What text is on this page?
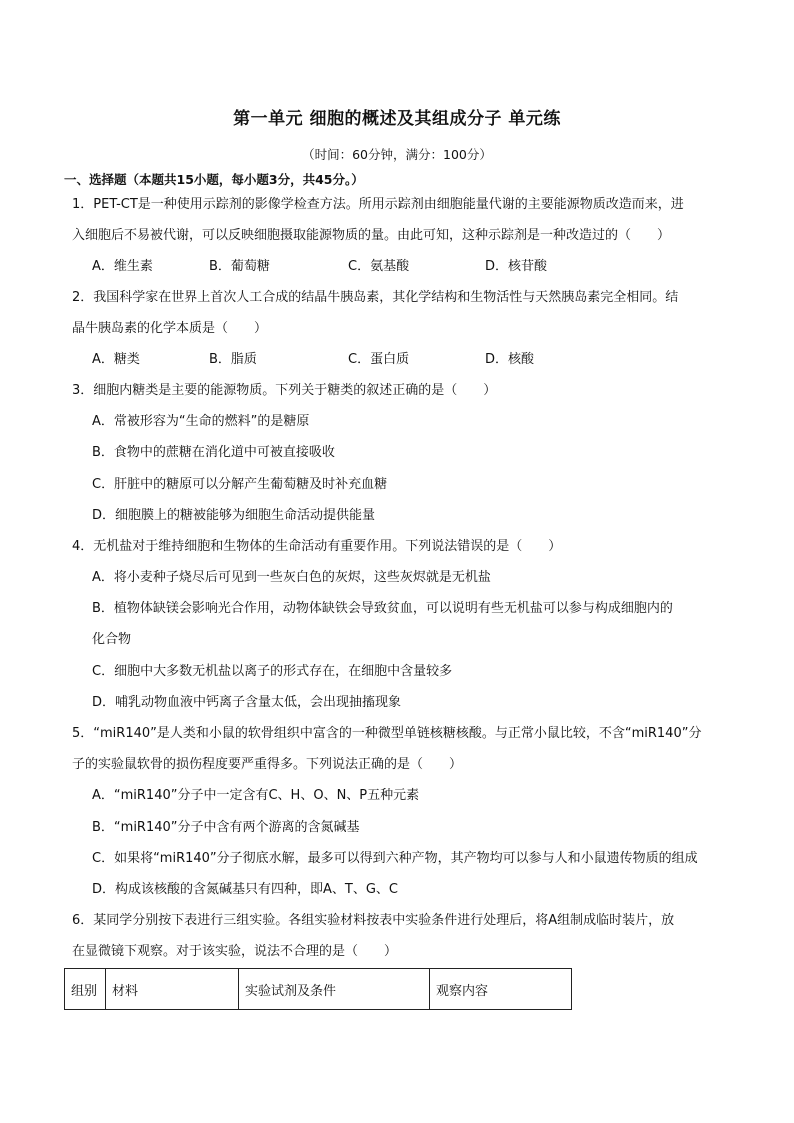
第一单元 细胞的概述及其组成分子 单元练
（时间：60分钟，满分：100分）
一、选择题（本题共15小题，每小题3分，共45分。）
1．PET-CT是一种使用示踪剂的影像学检查方法。所用示踪剂由细胞能量代谢的主要能源物质改造而来，进
入细胞后不易被代谢，可以反映细胞摄取能源物质的量。由此可知，这种示踪剂是一种改造过的（　　）
A．维生素	B．葡萄糖	C．氨基酸	D．核苷酸
2．我国科学家在世界上首次人工合成的结晶牛胰岛素，其化学结构和生物活性与天然胰岛素完全相同。结
晶牛胰岛素的化学本质是（　　）
A．糖类	B．脂质	C．蛋白质	D．核酸
3．细胞内糖类是主要的能源物质。下列关于糖类的叙述正确的是（　　）
A．常被形容为“生命的燃料”的是糖原
B．食物中的蔗糖在消化道中可被直接吸收
C．肝脏中的糖原可以分解产生葡萄糖及时补充血糖
D．细胞膜上的糖被能够为细胞生命活动提供能量
4．无机盐对于维持细胞和生物体的生命活动有重要作用。下列说法错误的是（　　）
A．将小麦种子烧尽后可见到一些灰白色的灰烬，这些灰烬就是无机盐
B．植物体缺镁会影响光合作用，动物体缺铁会导致贫血，可以说明有些无机盐可以参与构成细胞内的
化合物
C．细胞中大多数无机盐以离子的形式存在，在细胞中含量较多
D．哺乳动物血液中钙离子含量太低，会出现抽搐现象
5．“miR140”是人类和小鼠的软骨组织中富含的一种微型单链核糖核酸。与正常小鼠比较，不含“miR140”分
子的实验鼠软骨的损伤程度要严重得多。下列说法正确的是（　　）
A．“miR140”分子中一定含有C、H、O、N、P五种元素
B．“miR140”分子中含有两个游离的含氮碱基
C．如果将“miR140”分子彻底水解，最多可以得到六种产物，其产物均可以参与人和小鼠遗传物质的组成
D．构成该核酸的含氮碱基只有四种，即A、T、G、C
6．某同学分别按下表进行三组实验。各组实验材料按表中实验条件进行处理后，将A组制成临时装片，放
在显微镜下观察。对于该实验，说法不合理的是（　　）
组别	材料	实验试剂及条件	观察内容
